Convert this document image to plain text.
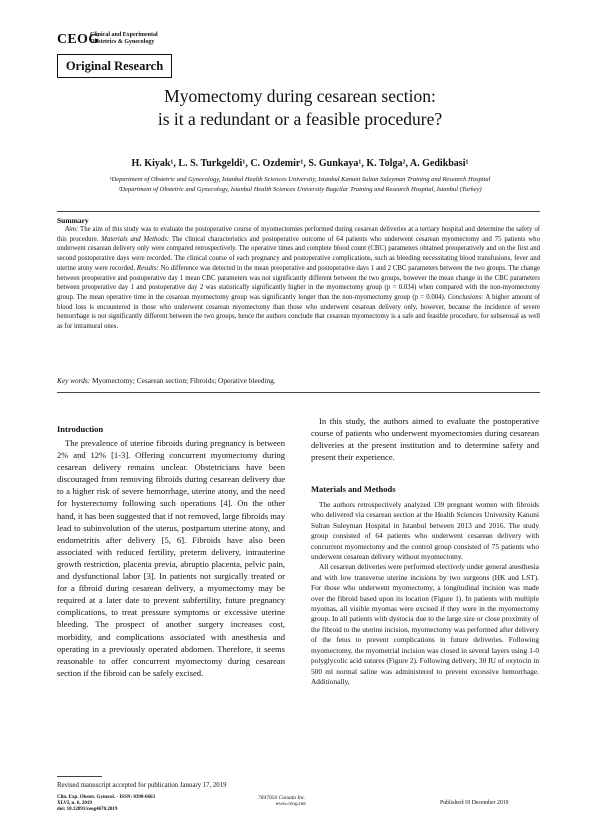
CEOG
Clinical and Experimental
Obstetrics & Gynecology
Original Research
Myomectomy during cesarean section:
is it a redundant or a feasible procedure?
H. Kiyak¹, L. S. Turkgeldi¹, C. Ozdemir¹, S. Gunkaya¹, K. Tolga², A. Gedikbasi¹
¹Department of Obstetric and Gynecology, Istanbul Health Sciences University, Istanbul Kanuni Sultan Suleyman Training and Research Hospital
²Department of Obstetric and Gynecology, Istanbul Health Sciences University Bagcilar Training and Research Hospital, Istanbul (Turkey)
Summary
Aim: The aim of this study was to evaluate the postoperative course of myomectomies performed during cesarean deliveries at a tertiary hospital and determine the safety of this procedure. Materials and Methods: The clinical characteristics and postoperative outcome of 64 patients who underwent cesarean myomectomy and 75 patients who underwent cesarean delivery only were compared retrospectively. The operative times and complete blood count (CBC) parameters obtained preoperatively and on the first and second postoperative days were recorded. The clinical course of each pregnancy and postoperative complications, such as bleeding necessitating blood transfusions, fever and uterine atony were recorded. Results: No difference was detected in the mean preoperative and postoperative days 1 and 2 CBC parameters between the two groups. The change between preoperative and postoperative day 1 mean CBC parameters was not significantly different between the two groups, however the mean change in the CBC parameters between preoperative day 1 and postoperative day 2 was statistically significantly higher in the myomectomy group (p = 0.034) when compared with the non-myomectomy group. The mean operative time in the cesarean myomectomy group was significantly longer than the non-myomectomy group (p = 0.004). Conclusions: A higher amount of blood loss is encountered in those who underwent cesarean myomectomy than those who underwent cesarean delivery only, however, because the incidence of severe hemorrhage is not significantly different between the two groups, hence the authors conclude that cesarean myomectomy is a safe and feasible procedure, for subserosal as well as for intramural ones.
Key words: Myomectomy; Cesarean section; Fibroids; Operative bleeding.
Introduction

The prevalence of uterine fibroids during pregnancy is between 2% and 12% [1-3]. Offering concurrent myomectomy during cesarean delivery remains unclear. Obstetricians have been discouraged from removing fibroids during cesarean delivery due to a higher risk of severe hemorrhage, uterine atony, and the need for hysterectomy following such operations [4]. On the other hand, it has been suggested that if not removed, large fibroids may lead to subinvolution of the uterus, postpartum uterine atony, and endometritis after delivery [5, 6]. Fibroids have also been associated with reduced fertility, preterm delivery, intrauterine growth restriction, placenta previa, abruptio placenta, pelvic pain, and dysfunctional labor [3]. In patients not surgically treated or for a fibroid during cesarean delivery, a myomectomy may be required at a later date to prevent subfertility, future pregnancy complications, to treat pressure symptoms or excessive uterine bleeding. The prospect of another surgery increases cost, morbidity, and complications associated with anesthesia and operating in a previously operated abdomen. Therefore, it seems reasonable to offer concurrent myomectomy during cesarean section if the fibroid can be safely excised.

In this study, the authors aimed to evaluate the postoperative course of patients who underwent myomectomies during cesarean deliveries at the present institution and to determine safety and present their experience.

Materials and Methods

The authors retrospectively analyzed 139 pregnant women with fibroids who delivered via cesarean section at the Health Sciences University Kanuni Sultan Suleyman Hospital in Istanbul between 2013 and 2016. The study group consisted of 64 patients who underwent cesarean delivery with concurrent myomectomy and the control group consisted of 75 patients who underwent cesarean delivery without myomectomy.

All cesarean deliveries were performed electively under general anesthesia and with low transverse uterine incisions by two surgeons (HK and LST). For those who underwent myomectomy, a longitudinal incision was made over the fibroid based upon its location (Figure 1). In patients with multiple myomas, all visible myomas were excised if they were in the myomectomy group. In all patients with dystocia due to the large size or close proximity of the fibroid to the uterine incision, myomectomy was performed after delivery of the fetus to prevent complications in future deliveries. Following myomectomy, the myometrial incision was closed in several layers using 1-0 polyglycolic acid sutures (Figure 2). Following delivery, 30 IU of oxytocin in 500 ml normal saline was administered to prevent excessive hemorrhage. Additionally,

Revised manuscript accepted for publication January 17, 2019
Clin. Exp. Obstet. Gynecol. - ISSN: 0390-6663
XLVI, n. 6, 2019
doi: 10.12891/ceog4670.2019
7847050 Canada Inc.
www.ceog.net	Published:10 December 2019
